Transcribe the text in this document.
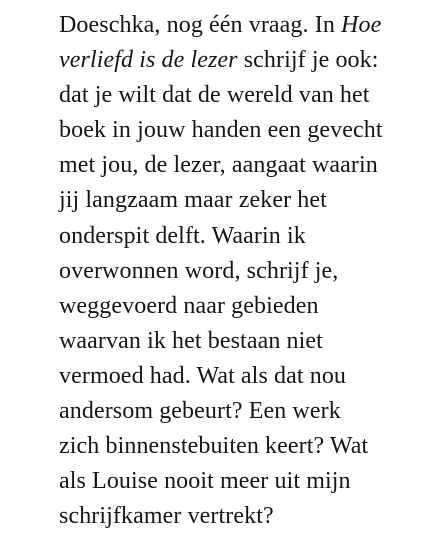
Doeschka, nog één vraag. In Hoe
verliefd is de lezer schrijf je ook:
dat je wilt dat de wereld van het
boek in jouw handen een gevecht
met jou, de lezer, aangaat waarin
jij langzaam maar zeker het
onderspit delft. Waarin ik
overwonnen word, schrijf je,
weggevoerd naar gebieden
waarvan ik het bestaan niet
vermoed had. Wat als dat nou
andersom gebeurt? Een werk
zich binnenstebuiten keert? Wat
als Louise nooit meer uit mijn
schrijfkamer vertrekt?
